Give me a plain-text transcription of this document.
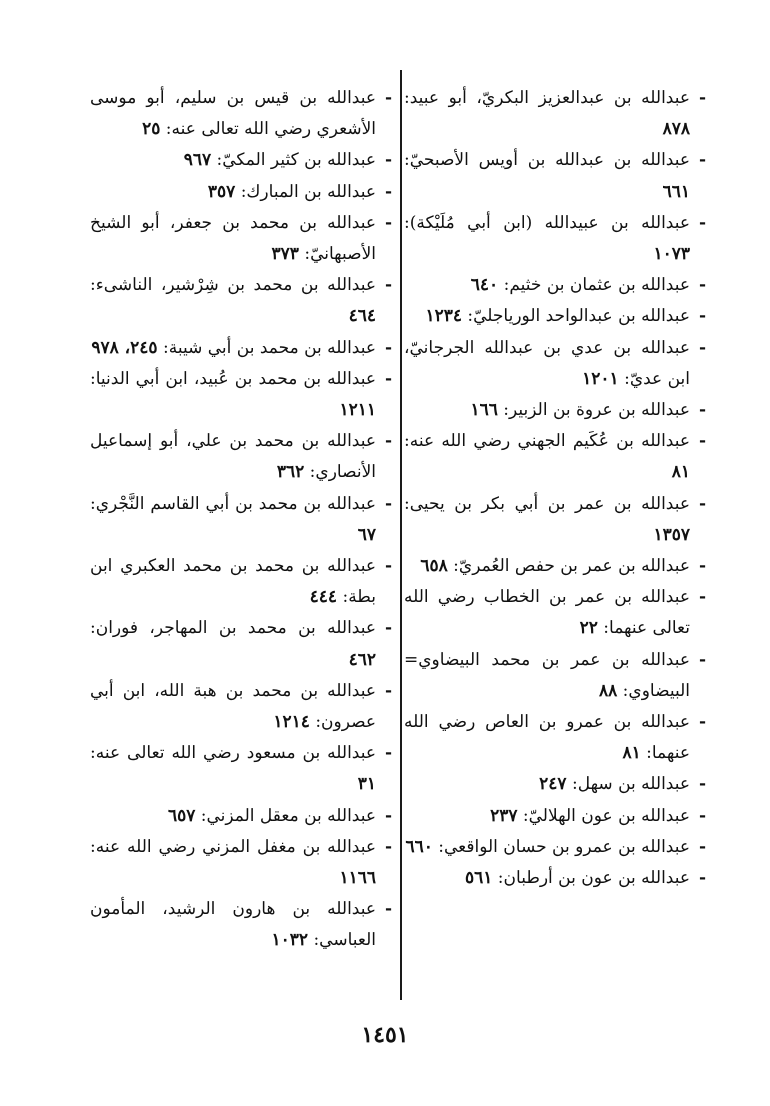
- عبدالله بن عبدالعزيز البكريّ، أبو عبيد: ٨٧٨
- عبدالله بن عبدالله بن أويس الأصبحيّ: ٦٦١
- عبدالله بن عبيدالله (ابن أبي مُلَيْكة): ١٠٧٣
- عبدالله بن عثمان بن خثيم: ٦٤٠
- عبدالله بن عبدالواحد الورياجليّ: ١٢٣٤
- عبدالله بن عدي بن عبدالله الجرجانيّ، ابن عديّ: ١٢٠١
- عبدالله بن عروة بن الزبير: ١٦٦
- عبدالله بن عُكَيم الجهني رضي الله عنه: ٨١
- عبدالله بن عمر بن أبي بكر بن يحيى: ١٣٥٧
- عبدالله بن عمر بن حفص العُمريّ: ٦٥٨
- عبدالله بن عمر بن الخطاب رضي الله تعالى عنهما: ٢٢
- عبدالله بن عمر بن محمد البيضاوي= البيضاوي: ٨٨
- عبدالله بن عمرو بن العاص رضي الله عنهما: ٨١
- عبدالله بن سهل: ٢٤٧
- عبدالله بن عون الهلاليّ: ٢٣٧
- عبدالله بن عمرو بن حسان الواقعي: ٦٦٠
- عبدالله بن عون بن أرطبان: ٥٦١
- عبدالله بن قيس بن سليم، أبو موسى الأشعري رضي الله تعالى عنه: ٢٥
- عبدالله بن كثير المكيّ: ٩٦٧
- عبدالله بن المبارك: ٣٥٧
- عبدالله بن محمد بن جعفر، أبو الشيخ الأصبهانيّ: ٣٧٣
- عبدالله بن محمد بن شِرْشير، الناشىء: ٤٦٤
- عبدالله بن محمد بن أبي شيبة: ٢٤٥، ٩٧٨
- عبدالله بن محمد بن عُبيد، ابن أبي الدنيا: ١٢١١
- عبدالله بن محمد بن علي، أبو إسماعيل الأنصاري: ٣٦٢
- عبدالله بن محمد بن أبي القاسم النَّجْري: ٦٧
- عبدالله بن محمد بن محمد العكبري ابن بطة: ٤٤٤
- عبدالله بن محمد بن المهاجر، فوران: ٤٦٢
- عبدالله بن محمد بن هبة الله، ابن أبي عصرون: ١٢١٤
- عبدالله بن مسعود رضي الله تعالى عنه: ٣١
- عبدالله بن معقل المزني: ٦٥٧
- عبدالله بن مغفل المزني رضي الله عنه: ١١٦٦
- عبدالله بن هارون الرشيد، المأمون العباسي: ١٠٣٢
١٤٥١
